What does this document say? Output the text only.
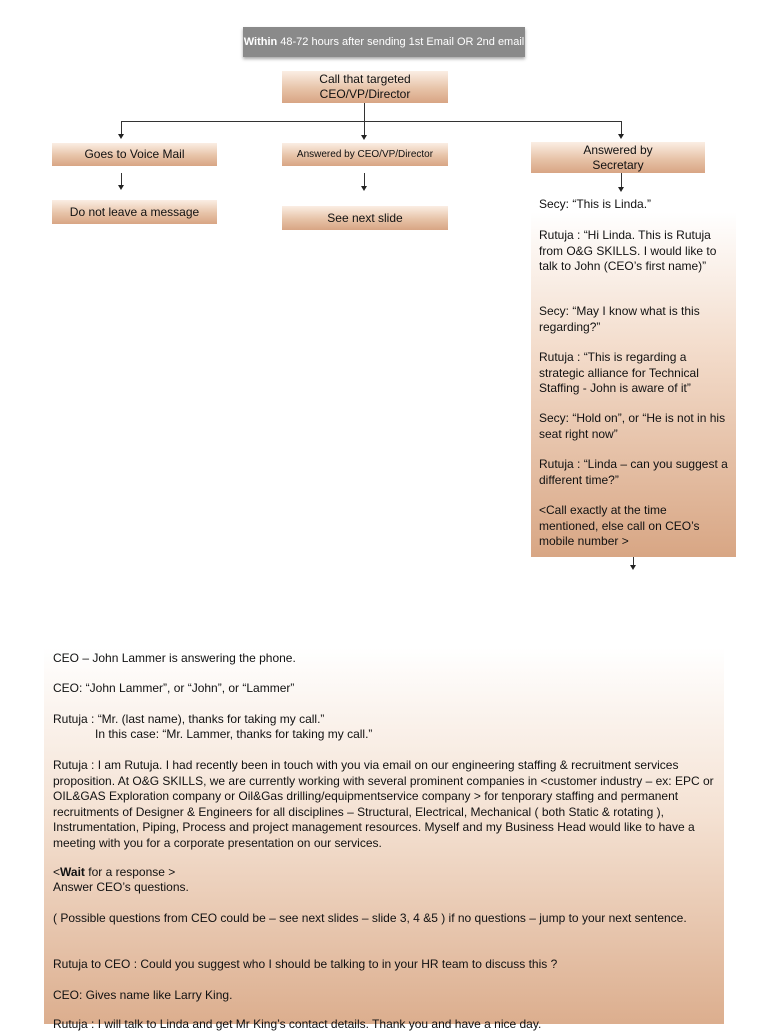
Within 48-72 hours after sending 1st Email OR 2nd email
Call that targeted
CEO/VP/Director
Goes to Voice Mail
Do not leave a message
Answered by CEO/VP/Director
See next slide
Answered by
Secretary
Secy: “This is Linda.”
Rutuja : “Hi Linda. This is Rutuja from O&G SKILLS. I would like to talk to John (CEO’s first name)”
Secy: “May I know what is this regarding?”
Rutuja : “This is regarding a strategic alliance for Technical Staffing - John is aware of it”
Secy: “Hold on”, or “He is not in his seat right now”
Rutuja : “Linda – can you suggest a different time?”
<Call exactly at the time mentioned, else call on CEO’s mobile number >
CEO – John Lammer is answering the phone.
CEO: “John Lammer”, or “John”, or “Lammer”
Rutuja : “Mr. (last name), thanks for taking my call.”
In this case: “Mr. Lammer, thanks for taking my call.”
Rutuja : I am Rutuja. I had recently been in touch with you via email on our engineering staffing & recruitment services proposition. At O&G SKILLS, we are currently working with several prominent companies in <customer industry – ex: EPC or OIL&GAS Exploration company or Oil&Gas drilling/equipmentservice company > for tenporary staffing and permanent recruitments of Designer & Engineers for all disciplines – Structural, Electrical, Mechanical ( both Static & rotating ), Instrumentation, Piping, Process and project management resources. Myself and my Business Head would like to have a meeting with you for a corporate presentation on our services.
<Wait for a response >
Answer CEO’s questions.
( Possible questions from CEO could be – see next slides – slide 3, 4 &5 ) if no questions – jump to your next sentence.
Rutuja to CEO : Could you suggest who I should be talking to in your HR team to discuss this ?
CEO: Gives name like Larry King.
Rutuja : I will talk to Linda and get Mr King’s contact details. Thank you and have a nice day.
